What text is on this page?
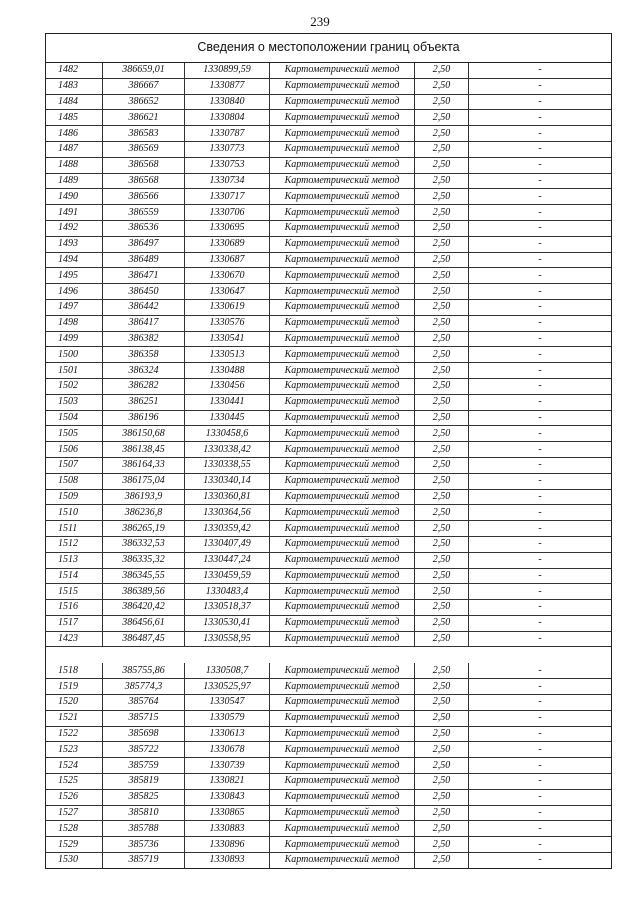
239
Сведения о местоположении границ объекта
1482	386659,01	1330899,59	Картометрический метод	2,50	-
1483	386667	1330877	Картометрический метод	2,50	-
1484	386652	1330840	Картометрический метод	2,50	-
1485	386621	1330804	Картометрический метод	2,50	-
1486	386583	1330787	Картометрический метод	2,50	-
1487	386569	1330773	Картометрический метод	2,50	-
1488	386568	1330753	Картометрический метод	2,50	-
1489	386568	1330734	Картометрический метод	2,50	-
1490	386566	1330717	Картометрический метод	2,50	-
1491	386559	1330706	Картометрический метод	2,50	-
1492	386536	1330695	Картометрический метод	2,50	-
1493	386497	1330689	Картометрический метод	2,50	-
1494	386489	1330687	Картометрический метод	2,50	-
1495	386471	1330670	Картометрический метод	2,50	-
1496	386450	1330647	Картометрический метод	2,50	-
1497	386442	1330619	Картометрический метод	2,50	-
1498	386417	1330576	Картометрический метод	2,50	-
1499	386382	1330541	Картометрический метод	2,50	-
1500	386358	1330513	Картометрический метод	2,50	-
1501	386324	1330488	Картометрический метод	2,50	-
1502	386282	1330456	Картометрический метод	2,50	-
1503	386251	1330441	Картометрический метод	2,50	-
1504	386196	1330445	Картометрический метод	2,50	-
1505	386150,68	1330458,6	Картометрический метод	2,50	-
1506	386138,45	1330338,42	Картометрический метод	2,50	-
1507	386164,33	1330338,55	Картометрический метод	2,50	-
1508	386175,04	1330340,14	Картометрический метод	2,50	-
1509	386193,9	1330360,81	Картометрический метод	2,50	-
1510	386236,8	1330364,56	Картометрический метод	2,50	-
1511	386265,19	1330359,42	Картометрический метод	2,50	-
1512	386332,53	1330407,49	Картометрический метод	2,50	-
1513	386335,32	1330447,24	Картометрический метод	2,50	-
1514	386345,55	1330459,59	Картометрический метод	2,50	-
1515	386389,56	1330483,4	Картометрический метод	2,50	-
1516	386420,42	1330518,37	Картометрический метод	2,50	-
1517	386456,61	1330530,41	Картометрический метод	2,50	-
1423	386487,45	1330558,95	Картометрический метод	2,50	-
1518	385755,86	1330508,7	Картометрический метод	2,50	-
1519	385774,3	1330525,97	Картометрический метод	2,50	-
1520	385764	1330547	Картометрический метод	2,50	-
1521	385715	1330579	Картометрический метод	2,50	-
1522	385698	1330613	Картометрический метод	2,50	-
1523	385722	1330678	Картометрический метод	2,50	-
1524	385759	1330739	Картометрический метод	2,50	-
1525	385819	1330821	Картометрический метод	2,50	-
1526	385825	1330843	Картометрический метод	2,50	-
1527	385810	1330865	Картометрический метод	2,50	-
1528	385788	1330883	Картометрический метод	2,50	-
1529	385736	1330896	Картометрический метод	2,50	-
1530	385719	1330893	Картометрический метод	2,50	-
